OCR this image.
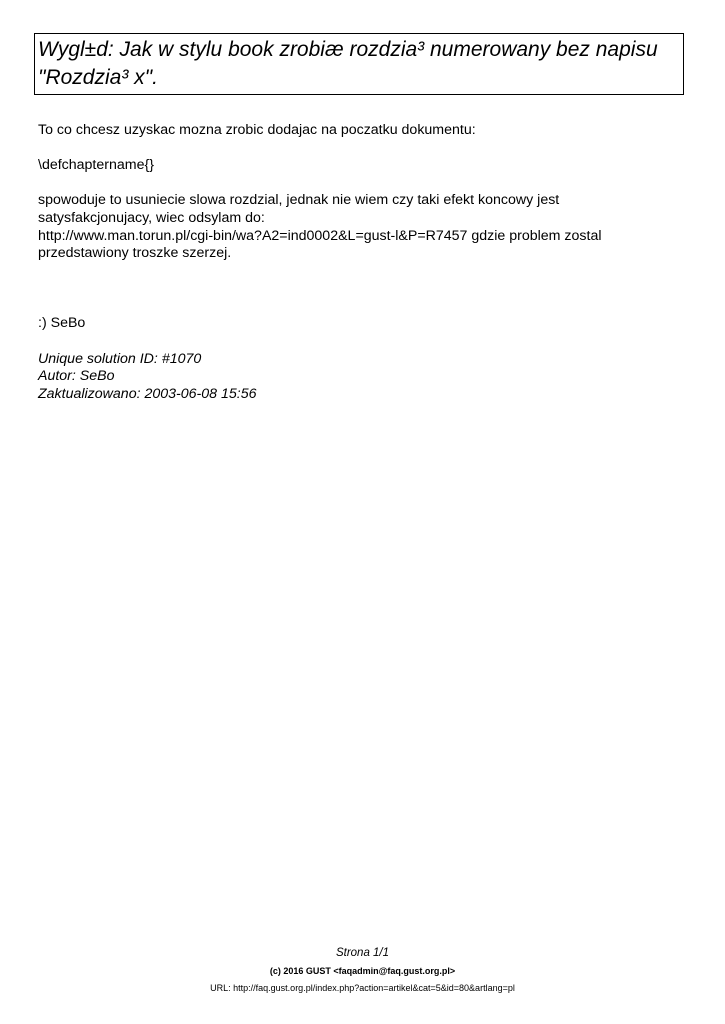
Wygl±d: Jak w stylu book zrobiæ rozdzia³ numerowany bez napisu
"Rozdzia³ x".

To co chcesz uzyskac mozna zrobic dodajac na poczatku dokumentu:

\defchaptername{}

spowoduje to usuniecie slowa rozdzial, jednak nie wiem czy taki efekt koncowy jest
satysfakcjonujacy, wiec odsylam do:
http://www.man.torun.pl/cgi-bin/wa?A2=ind0002&L=gust-l&P=R7457 gdzie problem zostal
przedstawiony troszke szerzej.

:) SeBo

Unique solution ID: #1070
Autor: SeBo
Zaktualizowano: 2003-06-08 15:56
Strona 1/1
(c) 2016 GUST <faqadmin@faq.gust.org.pl>
URL: http://faq.gust.org.pl/index.php?action=artikel&cat=5&id=80&artlang=pl
